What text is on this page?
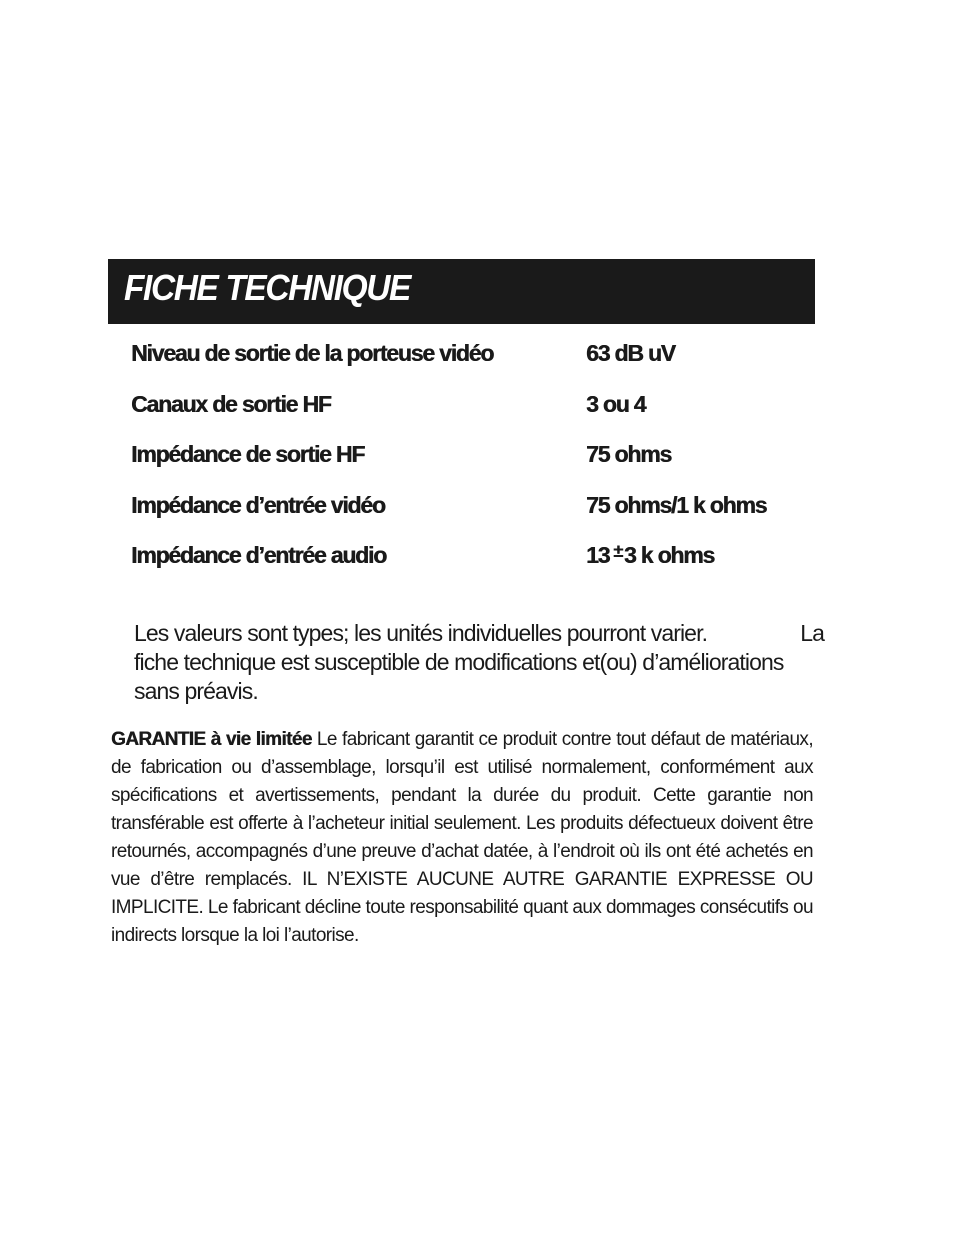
FICHE TECHNIQUE
Niveau de sortie de la porteuse vidéo	63 dB uV
Canaux de sortie HF	3 ou 4
Impédance de sortie HF	75 ohms
Impédance d’entrée vidéo	75 ohms/1 k ohms
Impédance d’entrée audio	13 ±3 k ohms

Les valeurs sont types; les unités individuelles pourront varier.	La
fiche technique est susceptible de modifications et(ou) d’améliorations
sans préavis.

GARANTIE à vie limitée Le fabricant garantit ce produit contre tout défaut de matériaux, de fabrication ou d’assemblage, lorsqu’il est utilisé normalement, conformément aux spécifications et avertissements, pendant la durée du produit. Cette garantie non transférable est offerte à l’acheteur initial seulement. Les produits défectueux doivent être retournés, accompagnés d’une preuve d’achat datée, à l’endroit où ils ont été achetés en vue d’être remplacés. IL N’EXISTE AUCUNE AUTRE GARANTIE EXPRESSE OU IMPLICITE. Le fabricant décline toute responsabilité quant aux dommages consécutifs ou indirects lorsque la loi l’autorise.
